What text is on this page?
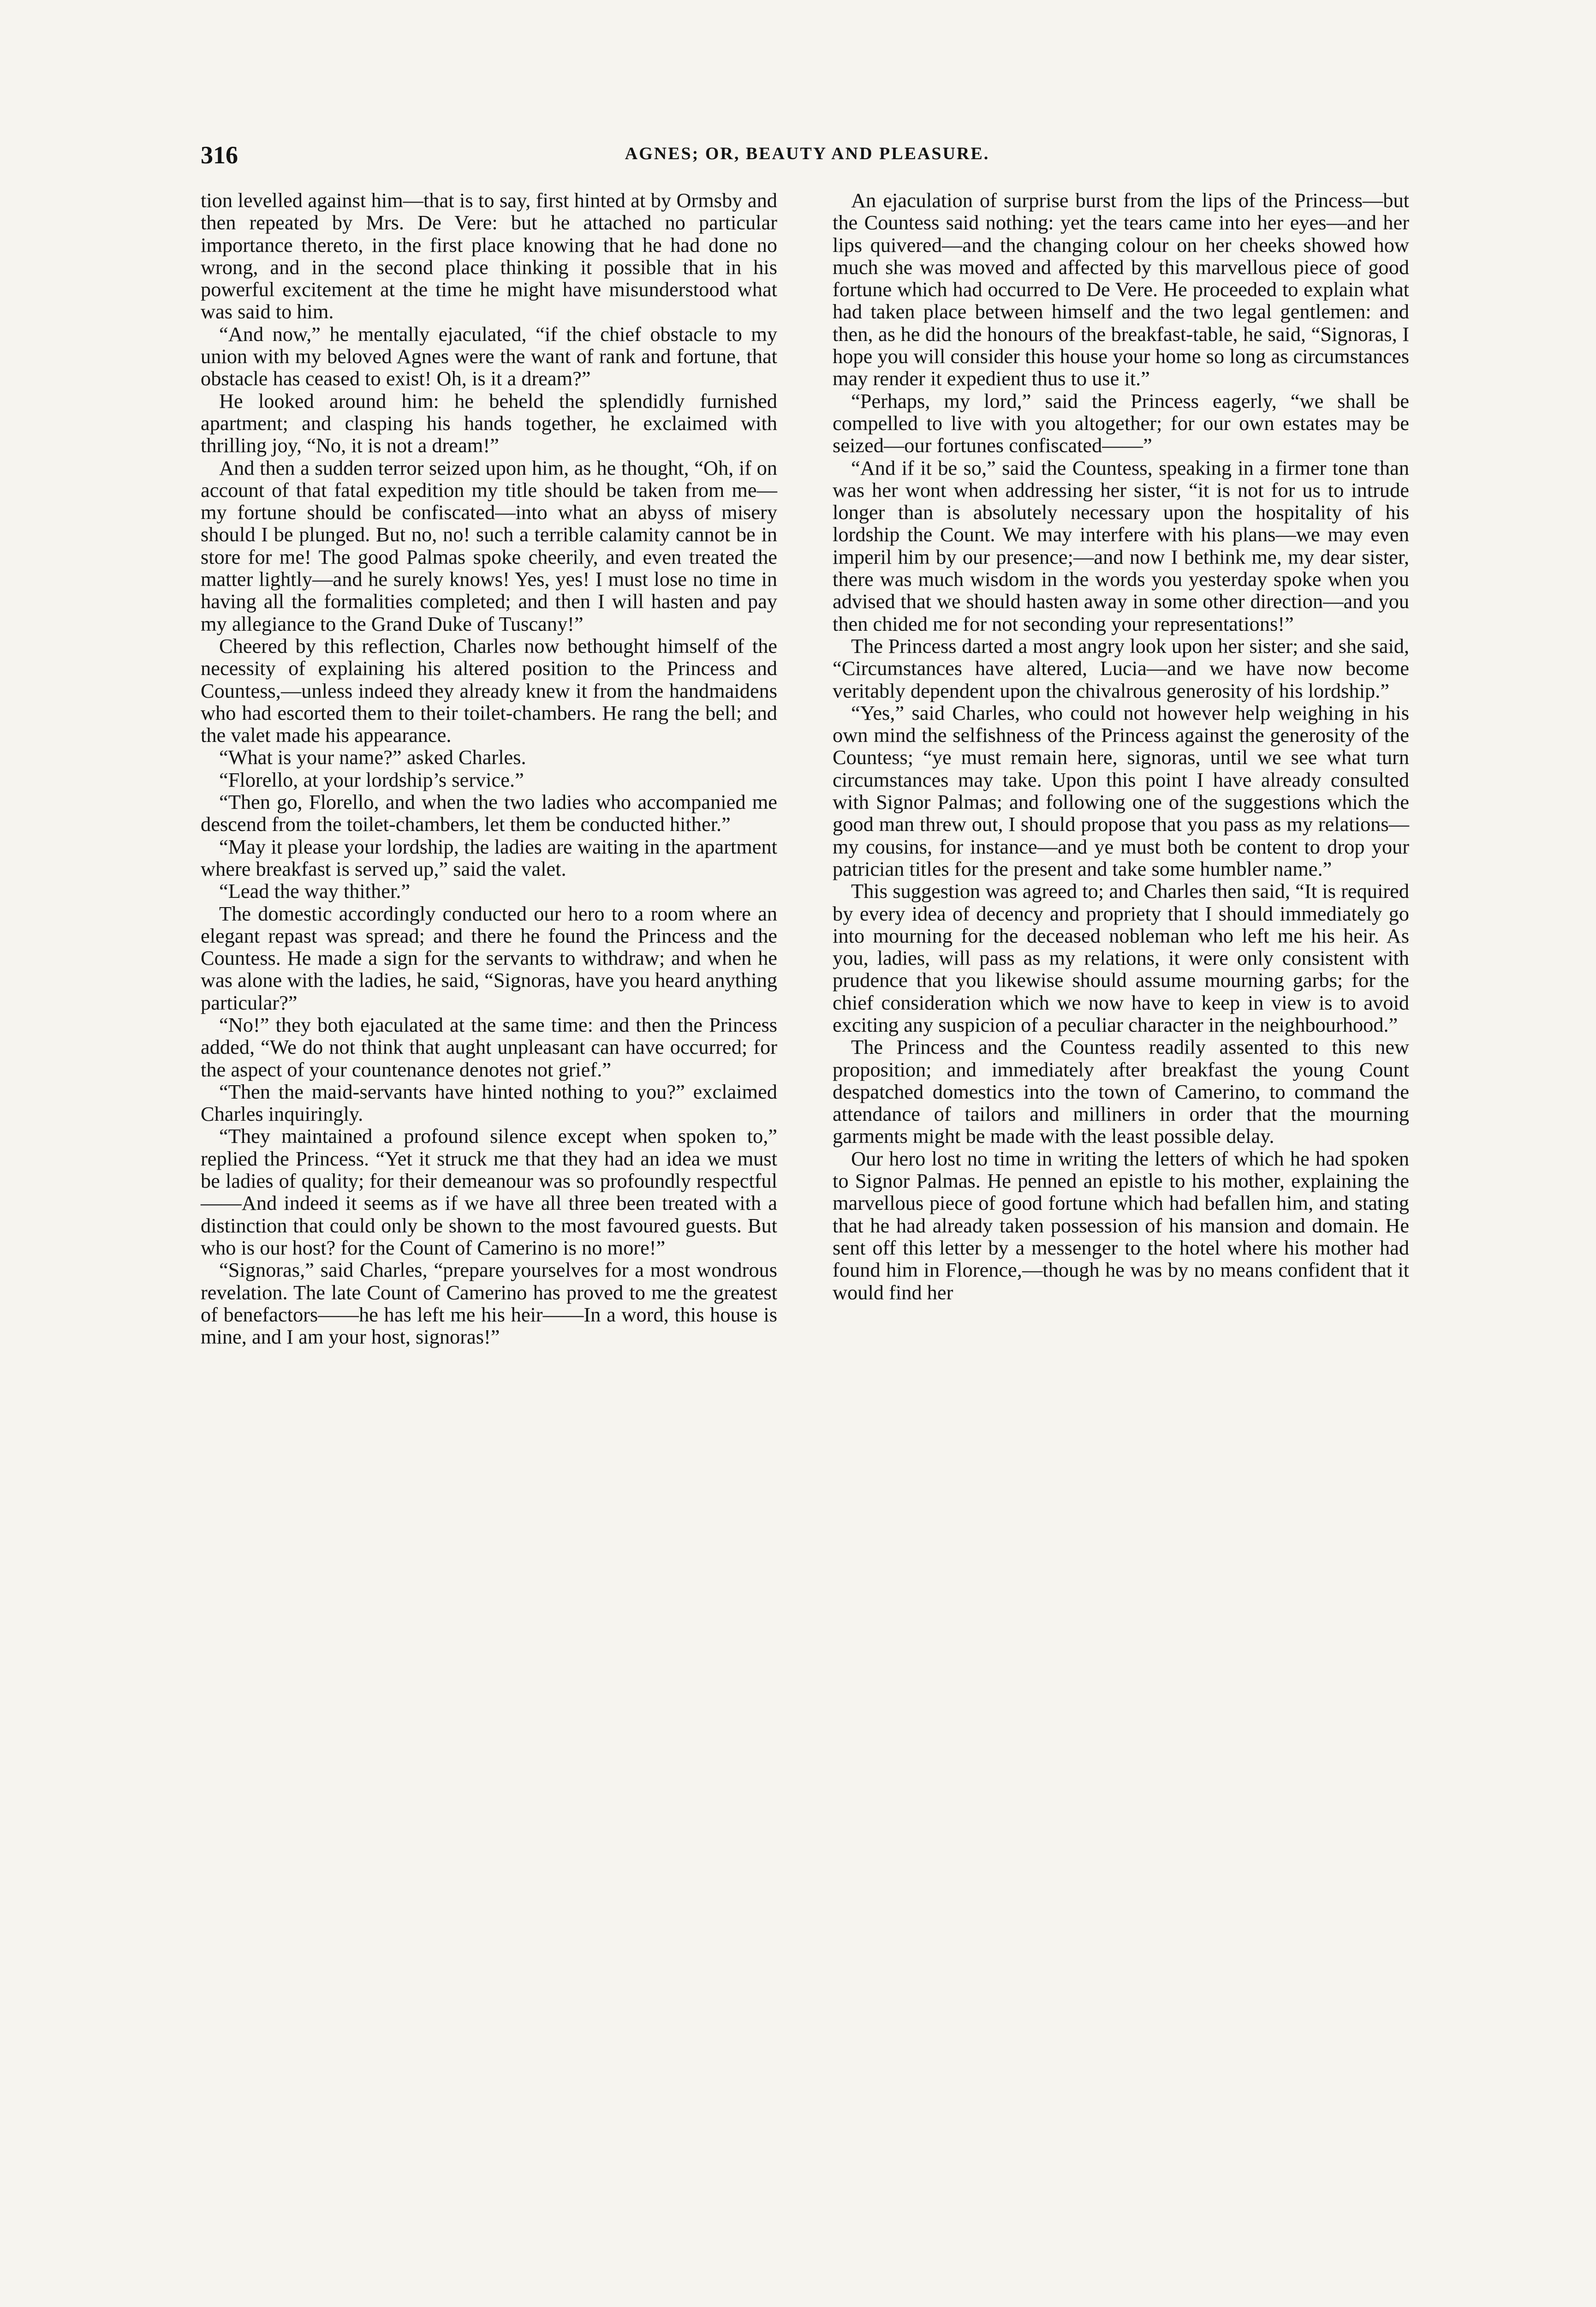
316	AGNES; OR, BEAUTY AND PLEASURE.

tion levelled against him—that is to say, first hinted at by Ormsby and then repeated by Mrs. De Vere: but he attached no particular importance thereto, in the first place knowing that he had done no wrong, and in the second place thinking it possible that in his powerful excitement at the time he might have misunderstood what was said to him.

“And now,” he mentally ejaculated, “if the chief obstacle to my union with my beloved Agnes were the want of rank and fortune, that obstacle has ceased to exist! Oh, is it a dream?”

He looked around him: he beheld the splendidly furnished apartment; and clasping his hands together, he exclaimed with thrilling joy, “No, it is not a dream!”

And then a sudden terror seized upon him, as he thought, “Oh, if on account of that fatal expedition my title should be taken from me—my fortune should be confiscated—into what an abyss of misery should I be plunged. But no, no! such a terrible calamity cannot be in store for me! The good Palmas spoke cheerily, and even treated the matter lightly—and he surely knows! Yes, yes! I must lose no time in having all the formalities completed; and then I will hasten and pay my allegiance to the Grand Duke of Tuscany!”

Cheered by this reflection, Charles now bethought himself of the necessity of explaining his altered position to the Princess and Countess,—unless indeed they already knew it from the handmaidens who had escorted them to their toilet-chambers. He rang the bell; and the valet made his appearance.

“What is your name?” asked Charles.

“Florello, at your lordship’s service.”

“Then go, Florello, and when the two ladies who accompanied me descend from the toilet-chambers, let them be conducted hither.”

“May it please your lordship, the ladies are waiting in the apartment where breakfast is served up,” said the valet.

“Lead the way thither.”

The domestic accordingly conducted our hero to a room where an elegant repast was spread; and there he found the Princess and the Countess. He made a sign for the servants to withdraw; and when he was alone with the ladies, he said, “Signoras, have you heard anything particular?”

“No!” they both ejaculated at the same time: and then the Princess added, “We do not think that aught unpleasant can have occurred; for the aspect of your countenance denotes not grief.”

“Then the maid-servants have hinted nothing to you?” exclaimed Charles inquiringly.

“They maintained a profound silence except when spoken to,” replied the Princess. “Yet it struck me that they had an idea we must be ladies of quality; for their demeanour was so profoundly respectful——And indeed it seems as if we have all three been treated with a distinction that could only be shown to the most favoured guests. But who is our host? for the Count of Camerino is no more!”

“Signoras,” said Charles, “prepare yourselves for a most wondrous revelation. The late Count of Camerino has proved to me the greatest of benefactors——he has left me his heir——In a word, this house is mine, and I am your host, signoras!”

An ejaculation of surprise burst from the lips of the Princess—but the Countess said nothing: yet the tears came into her eyes—and her lips quivered—and the changing colour on her cheeks showed how much she was moved and affected by this marvellous piece of good fortune which had occurred to De Vere. He proceeded to explain what had taken place between himself and the two legal gentlemen: and then, as he did the honours of the breakfast-table, he said, “Signoras, I hope you will consider this house your home so long as circumstances may render it expedient thus to use it.”

“Perhaps, my lord,” said the Princess eagerly, “we shall be compelled to live with you altogether; for our own estates may be seized—our fortunes confiscated——”

“And if it be so,” said the Countess, speaking in a firmer tone than was her wont when addressing her sister, “it is not for us to intrude longer than is absolutely necessary upon the hospitality of his lordship the Count. We may interfere with his plans—we may even imperil him by our presence;—and now I bethink me, my dear sister, there was much wisdom in the words you yesterday spoke when you advised that we should hasten away in some other direction—and you then chided me for not seconding your representations!”

The Princess darted a most angry look upon her sister; and she said, “Circumstances have altered, Lucia—and we have now become veritably dependent upon the chivalrous generosity of his lordship.”

“Yes,” said Charles, who could not however help weighing in his own mind the selfishness of the Princess against the generosity of the Countess; “ye must remain here, signoras, until we see what turn circumstances may take. Upon this point I have already consulted with Signor Palmas; and following one of the suggestions which the good man threw out, I should propose that you pass as my relations—my cousins, for instance—and ye must both be content to drop your patrician titles for the present and take some humbler name.”

This suggestion was agreed to; and Charles then said, “It is required by every idea of decency and propriety that I should immediately go into mourning for the deceased nobleman who left me his heir. As you, ladies, will pass as my relations, it were only consistent with prudence that you likewise should assume mourning garbs; for the chief consideration which we now have to keep in view is to avoid exciting any suspicion of a peculiar character in the neighbourhood.”

The Princess and the Countess readily assented to this new proposition; and immediately after breakfast the young Count despatched domestics into the town of Camerino, to command the attendance of tailors and milliners in order that the mourning garments might be made with the least possible delay.

Our hero lost no time in writing the letters of which he had spoken to Signor Palmas. He penned an epistle to his mother, explaining the marvellous piece of good fortune which had befallen him, and stating that he had already taken possession of his mansion and domain. He sent off this letter by a messenger to the hotel where his mother had found him in Florence,—though he was by no means confident that it would find her
